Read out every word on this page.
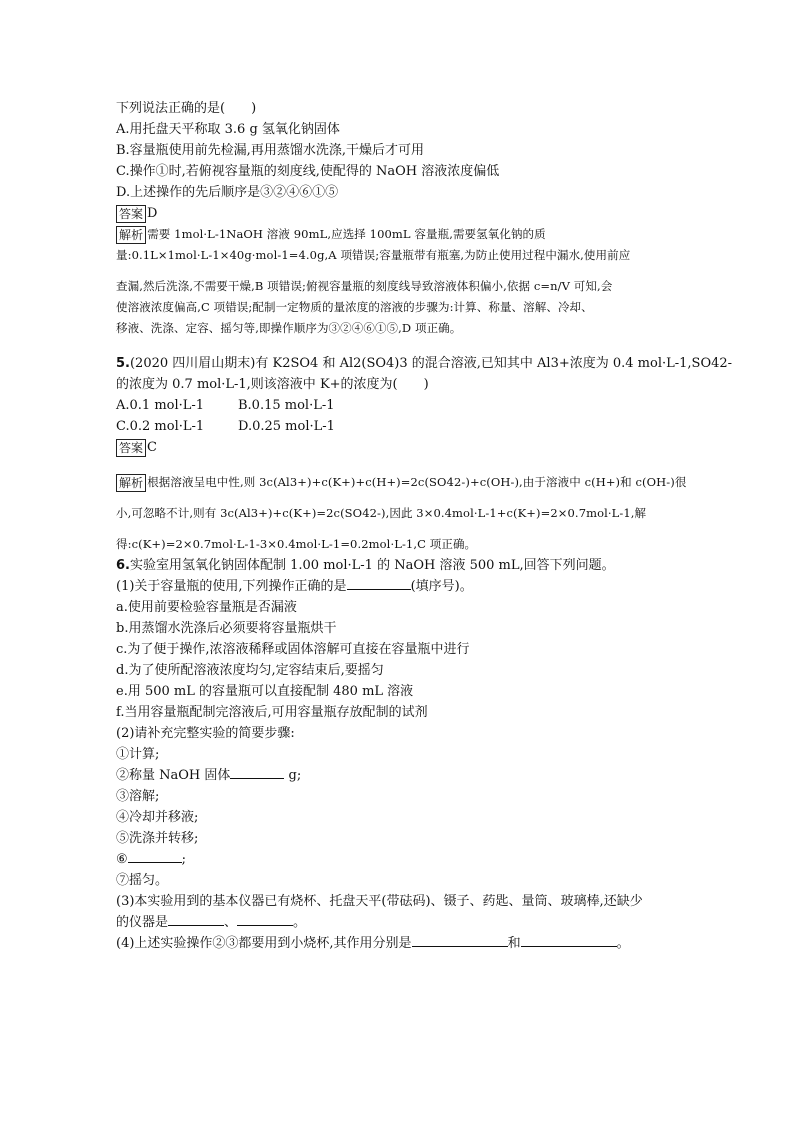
下列说法正确的是(　　)
A.用托盘天平称取 3.6 g 氢氧化钠固体
B.容量瓶使用前先检漏,再用蒸馏水洗涤,干燥后才可用
C.操作①时,若俯视容量瓶的刻度线,使配得的 NaOH 溶液浓度偏低
D.上述操作的先后顺序是③②④⑥①⑤
答案 D
解析 需要 1mol·L-1NaOH 溶液 90mL,应选择 100mL 容量瓶,需要氢氧化钠的质
量:0.1L×1mol·L-1×40g·mol-1=4.0g,A 项错误;容量瓶带有瓶塞,为防止使用过程中漏水,使用前应
查漏,然后洗涤,不需要干燥,B 项错误;俯视容量瓶的刻度线导致溶液体积偏小,依据 c=n/V 可知,会
使溶液浓度偏高,C 项错误;配制一定物质的量浓度的溶液的步骤为:计算、称量、溶解、冷却、
移液、洗涤、定容、摇匀等,即操作顺序为③②④⑥①⑤,D 项正确。
5.(2020 四川眉山期末)有 K2SO4 和 Al2(SO4)3 的混合溶液,已知其中 Al3+浓度为 0.4 mol·L-1,SO42-
的浓度为 0.7 mol·L-1,则该溶液中 K+的浓度为(　　)
A.0.1 mol·L-1	B.0.15 mol·L-1
C.0.2 mol·L-1	D.0.25 mol·L-1
答案 C
解析 根据溶液呈电中性,则 3c(Al3+)+c(K+)+c(H+)=2c(SO42-)+c(OH-),由于溶液中 c(H+)和 c(OH-)很
小,可忽略不计,则有 3c(Al3+)+c(K+)=2c(SO42-),因此 3×0.4mol·L-1+c(K+)=2×0.7mol·L-1,解
得:c(K+)=2×0.7mol·L-1-3×0.4mol·L-1=0.2mol·L-1,C 项正确。
6.实验室用氢氧化钠固体配制 1.00 mol·L-1 的 NaOH 溶液 500 mL,回答下列问题。
(1)关于容量瓶的使用,下列操作正确的是	(填序号)。
a.使用前要检验容量瓶是否漏液
b.用蒸馏水洗涤后必须要将容量瓶烘干
c.为了便于操作,浓溶液稀释或固体溶解可直接在容量瓶中进行
d.为了使所配溶液浓度均匀,定容结束后,要摇匀
e.用 500 mL 的容量瓶可以直接配制 480 mL 溶液
f.当用容量瓶配制完溶液后,可用容量瓶存放配制的试剂
(2)请补充完整实验的简要步骤:
①计算;
②称量 NaOH 固体	g;
③溶解;
④冷却并移液;
⑤洗涤并转移;
⑥	;
⑦摇匀。
(3)本实验用到的基本仪器已有烧杯、托盘天平(带砝码)、镊子、药匙、量筒、玻璃棒,还缺少
的仪器是	、	。
(4)上述实验操作②③都要用到小烧杯,其作用分别是	和	。
